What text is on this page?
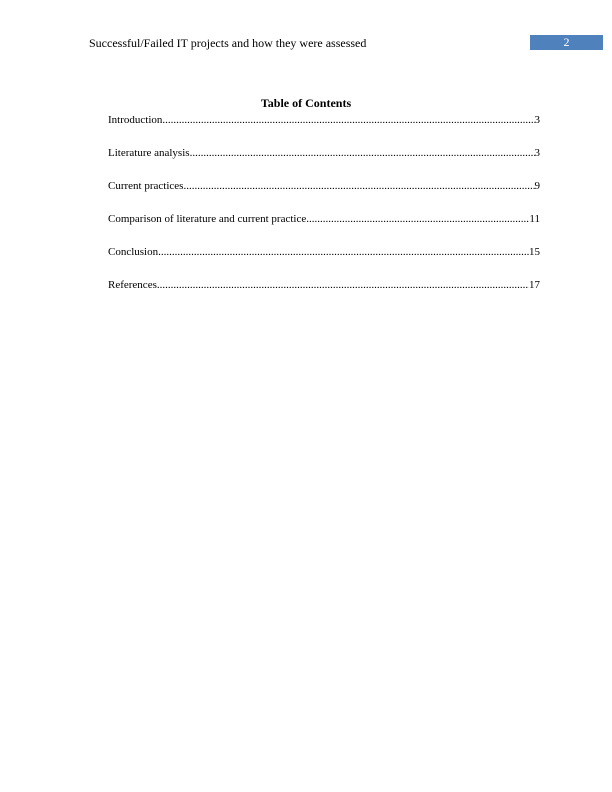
Successful/Failed IT projects and how they were assessed	2
Table of Contents
Introduction .....	3
Literature analysis .....	3
Current practices .....	9
Comparison of literature and current practice .....	11
Conclusion .....	15
References .....	17
